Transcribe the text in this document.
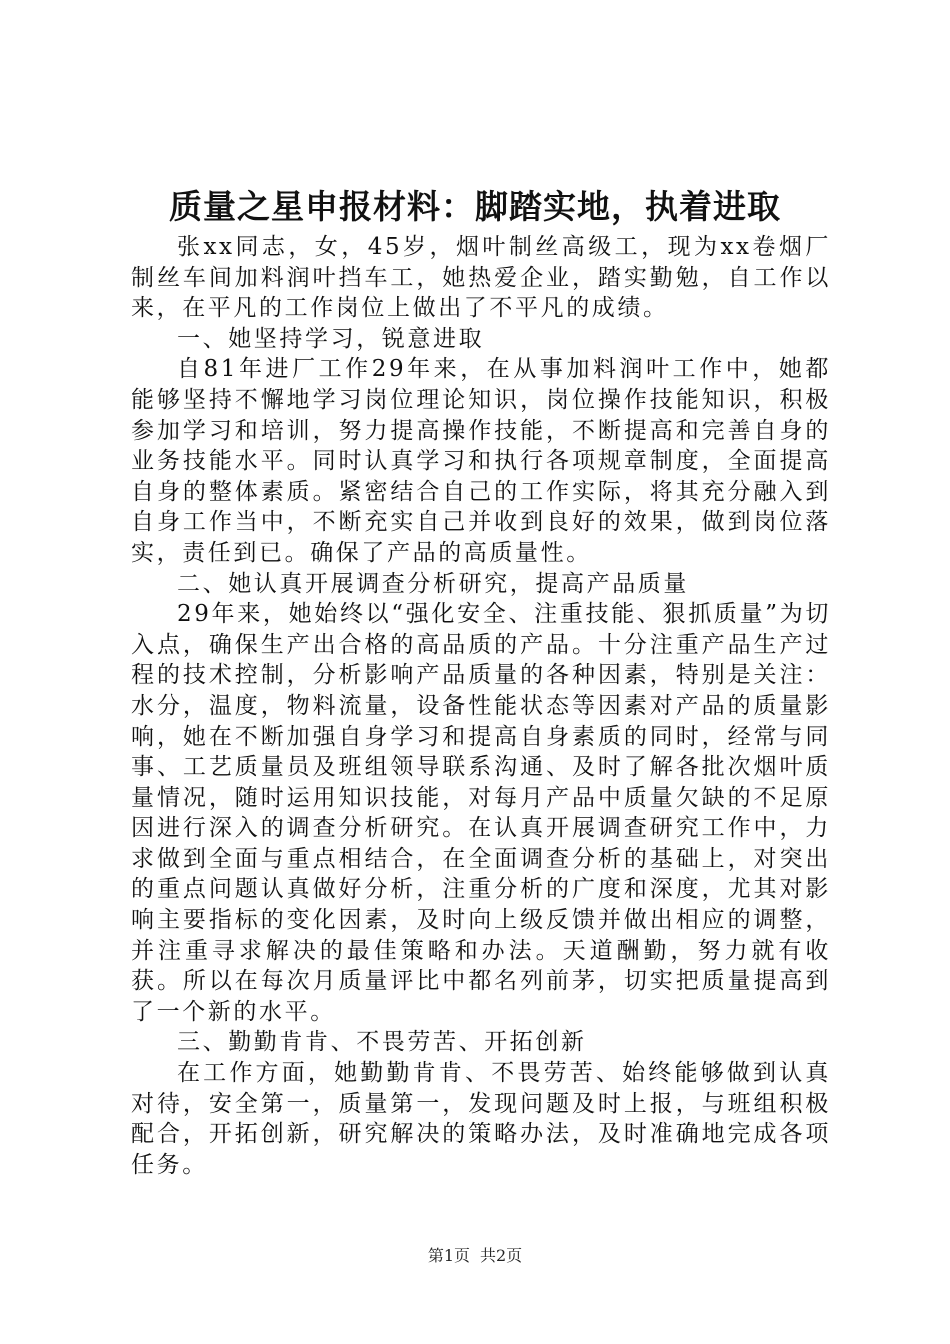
质量之星申报材料：脚踏实地，执着进取

张xx同志，女，45岁，烟叶制丝高级工，现为xx卷烟厂制丝车间加料润叶挡车工，她热爱企业，踏实勤勉，自工作以来，在平凡的工作岗位上做出了不平凡的成绩。

一、她坚持学习，锐意进取

自81年进厂工作29年来，在从事加料润叶工作中，她都能够坚持不懈地学习岗位理论知识，岗位操作技能知识，积极参加学习和培训，努力提高操作技能，不断提高和完善自身的业务技能水平。同时认真学习和执行各项规章制度，全面提高自身的整体素质。紧密结合自己的工作实际，将其充分融入到自身工作当中，不断充实自己并收到良好的效果，做到岗位落实，责任到已。确保了产品的高质量性。

二、她认真开展调查分析研究，提高产品质量

29年来，她始终以“强化安全、注重技能、狠抓质量”为切入点，确保生产出合格的高品质的产品。十分注重产品生产过程的技术控制，分析影响产品质量的各种因素，特别是关注：水分，温度，物料流量，设备性能状态等因素对产品的质量影响，她在不断加强自身学习和提高自身素质的同时，经常与同事、工艺质量员及班组领导联系沟通、及时了解各批次烟叶质量情况，随时运用知识技能，对每月产品中质量欠缺的不足原因进行深入的调查分析研究。在认真开展调查研究工作中，力求做到全面与重点相结合，在全面调查分析的基础上，对突出的重点问题认真做好分析，注重分析的广度和深度，尤其对影响主要指标的变化因素，及时向上级反馈并做出相应的调整，并注重寻求解决的最佳策略和办法。天道酬勤，努力就有收获。所以在每次月质量评比中都名列前茅，切实把质量提高到了一个新的水平。

三、勤勤肯肯、不畏劳苦、开拓创新

在工作方面，她勤勤肯肯、不畏劳苦、始终能够做到认真对待，安全第一，质量第一，发现问题及时上报，与班组积极配合，开拓创新，研究解决的策略办法，及时准确地完成各项任务。

第1页 共2页
